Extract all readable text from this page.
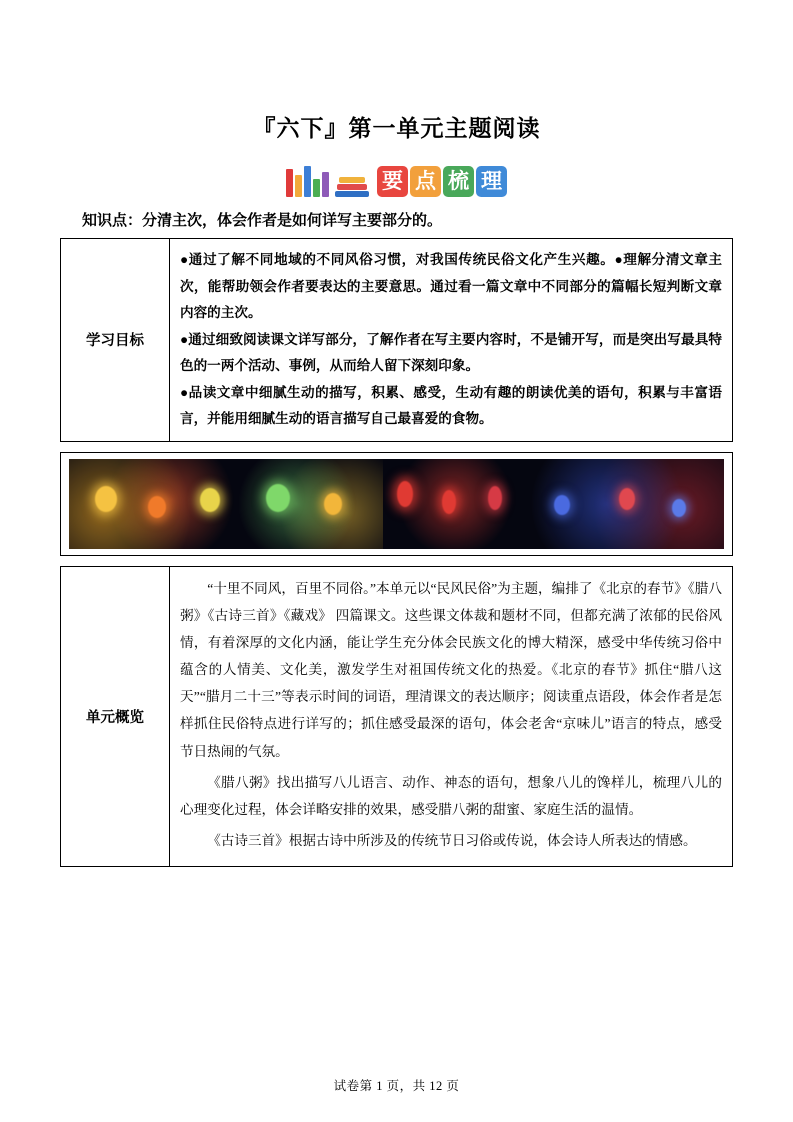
『六下』第一单元主题阅读
要 点 梳 理
知识点：分清主次，体会作者是如何详写主要部分的。
学习目标	

●通过了解不同地域的不同风俗习惯，对我国传统民俗文化产生兴趣。●理解分清文章主次，能帮助领会作者要表达的主要意思。通过看一篇文章中不同部分的篇幅长短判断文章内容的主次。

●通过细致阅读课文详写部分，了解作者在写主要内容时，不是铺开写，而是突出写最具特色的一两个活动、事例，从而给人留下深刻印象。

●品读文章中细腻生动的描写，积累、感受，生动有趣的朗读优美的语句，积累与丰富语言，并能用细腻生动的语言描写自己最喜爱的食物。

单元概览	

“十里不同风，百里不同俗。”本单元以“民风民俗”为主题，编排了《北京的春节》《腊八粥》《古诗三首》《藏戏》 四篇课文。这些课文体裁和题材不同，但都充满了浓郁的民俗风情，有着深厚的文化内涵，能让学生充分体会民族文化的博大精深，感受中华传统习俗中蕴含的人情美、文化美，激发学生对祖国传统文化的热爱。《北京的春节》抓住“腊八这天”“腊月二十三”等表示时间的词语，理清课文的表达顺序；阅读重点语段，体会作者是怎样抓住民俗特点进行详写的；抓住感受最深的语句，体会老舍“京味儿”语言的特点，感受节日热闹的气氛。

《腊八粥》找出描写八儿语言、动作、神态的语句，想象八儿的馋样儿，梳理八儿的心理变化过程，体会详略安排的效果，感受腊八粥的甜蜜、家庭生活的温情。

《古诗三首》根据古诗中所涉及的传统节日习俗或传说，体会诗人所表达的情感。

试卷第 1 页，共 12 页
